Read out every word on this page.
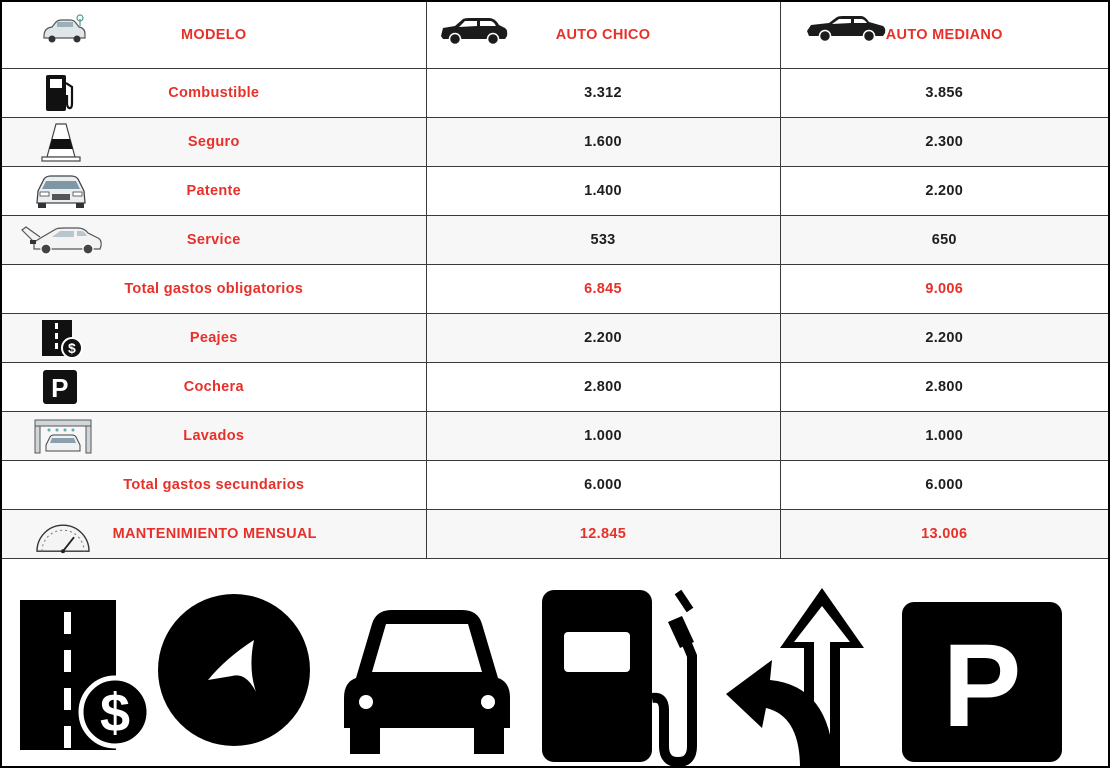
MODELO	AUTO CHICO	AUTO MEDIANO

Combustible	3.312	3.856

Seguro	1.600	2.300

Patente	1.400	2.200

Service	533	650
Total gastos obligatorios	6.845	9.006

$
Peajes	2.200	2.200

P Cochera	2.800	2.800

Lavados	1.000	1.000
Total gastos secundarios	6.000	6.000

MANTENIMIENTO MENSUAL	12.845	13.006
$	P
